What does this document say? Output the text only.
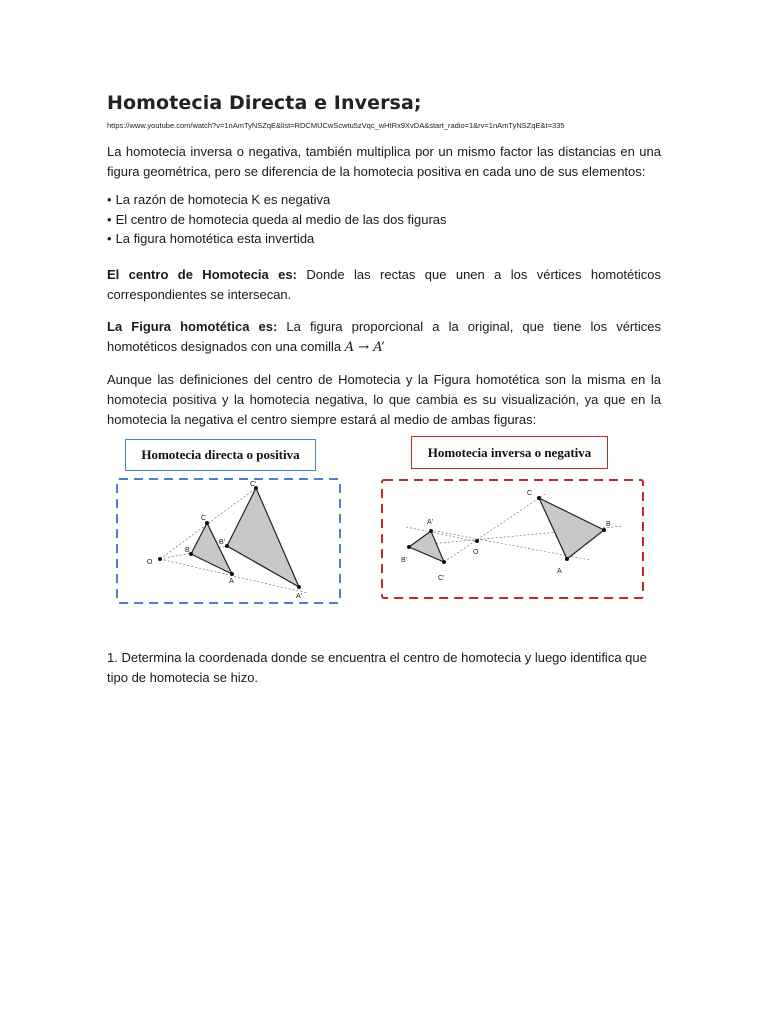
Homotecia Directa e Inversa;
https://www.youtube.com/watch?v=1nAmTyNSZqE&list=RDCMUCwScwtu5zVqc_wHtRx9XvDA&start_radio=1&rv=1nAmTyNSZqE&t=335

La homotecia inversa o negativa, también multiplica por un mismo factor las distancias en una figura geométrica, pero se diferencia de la homotecia positiva en cada uno de sus elementos:

• La razón de homotecia K es negativa
• El centro de homotecia queda al medio de las dos figuras
• La figura homotética esta invertida

El centro de Homotecia es: Donde las rectas que unen a los vértices homotéticos correspondientes se intersecan.

La Figura homotética es: La figura proporcional a la original, que tiene los vértices homotéticos designados con una comilla A → A’

Aunque las definiciones del centro de Homotecia y la Figura homotética son la misma en la homotecia positiva y la homotecia negativa, lo que cambia es su visualización, ya que en la homotecia la negativa el centro siempre estará al medio de ambas figuras:

Homotecia directa o positiva	Homotecia inversa o negativa
O
C
B
A
C'
B'
A'
O
A'
B'
C'
C
B
A
1. Determina la coordenada donde se encuentra el centro de homotecia y luego identifica que tipo de homotecia se hizo.
